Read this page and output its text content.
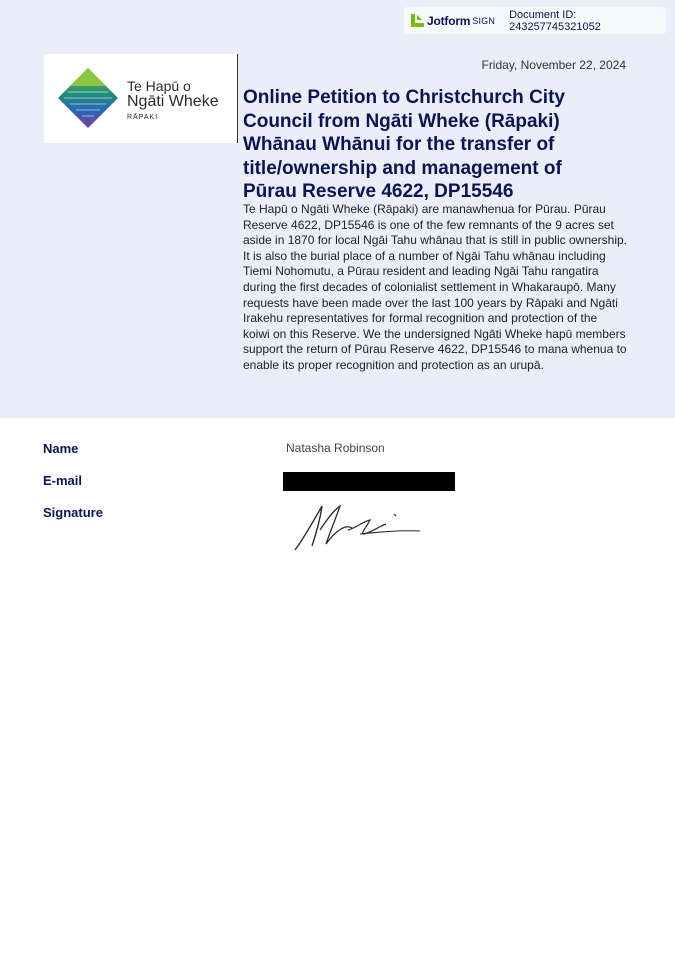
Jotform SIGN Document ID: 243257745321052
Te Hapū o
Ngāti Wheke
RĀPAKI
Friday, November 22, 2024
Online Petition to Christchurch City Council from Ngāti Wheke (Rāpaki) Whānau Whānui for the transfer of title/ownership and management of Pūrau Reserve 4622, DP15546
Te Hapū o Ngāti Wheke (Rāpaki) are manawhenua for Pūrau. Pūrau Reserve 4622, DP15546 is one of the few remnants of the 9 acres set aside in 1870 for local Ngāi Tahu whānau that is still in public ownership. It is also the burial place of a number of Ngāi Tahu whānau including Tiemi Nohomutu, a Pūrau resident and leading Ngāi Tahu rangatira during the first decades of colonialist settlement in Whakaraupō. Many requests have been made over the last 100 years by Rāpaki and Ngāti Irakehu representatives for formal recognition and protection of the koiwi on this Reserve. We the undersigned Ngāti Wheke hapū members support the return of Pūrau Reserve 4622, DP15546 to mana whenua to enable its proper recognition and protection as an urupā.
Name	Natasha Robinson
E-mail
Signature
